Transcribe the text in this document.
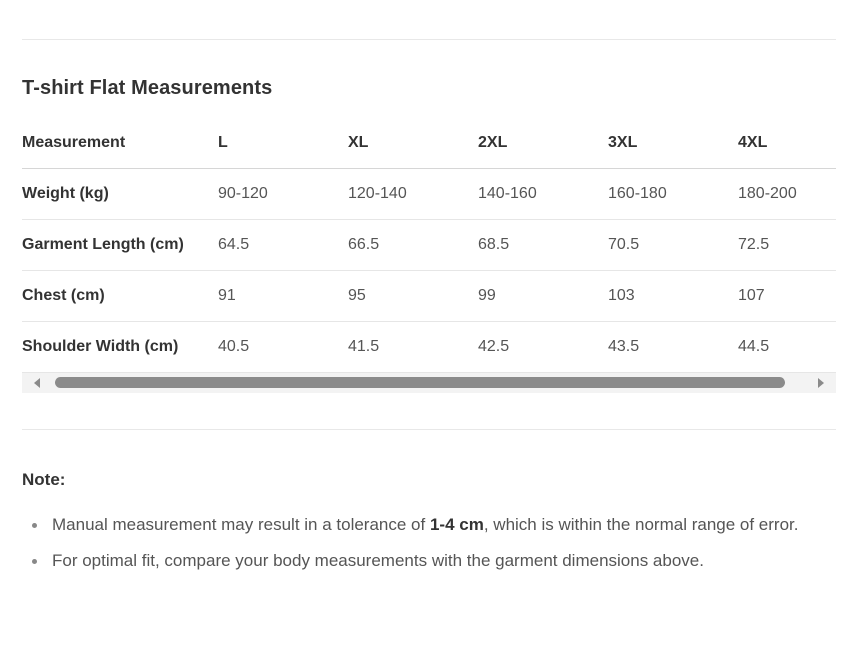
T-shirt Flat Measurements
Measurement	L	XL	2XL	3XL	4XL
Weight (kg)	90-120	120-140	140-160	160-180	180-200
Garment Length (cm)	64.5	66.5	68.5	70.5	72.5
Chest (cm)	91	95	99	103	107
Shoulder Width (cm)	40.5	41.5	42.5	43.5	44.5
Note:
Manual measurement may result in a tolerance of 1-4 cm, which is within the normal range of error.
For optimal fit, compare your body measurements with the garment dimensions above.
